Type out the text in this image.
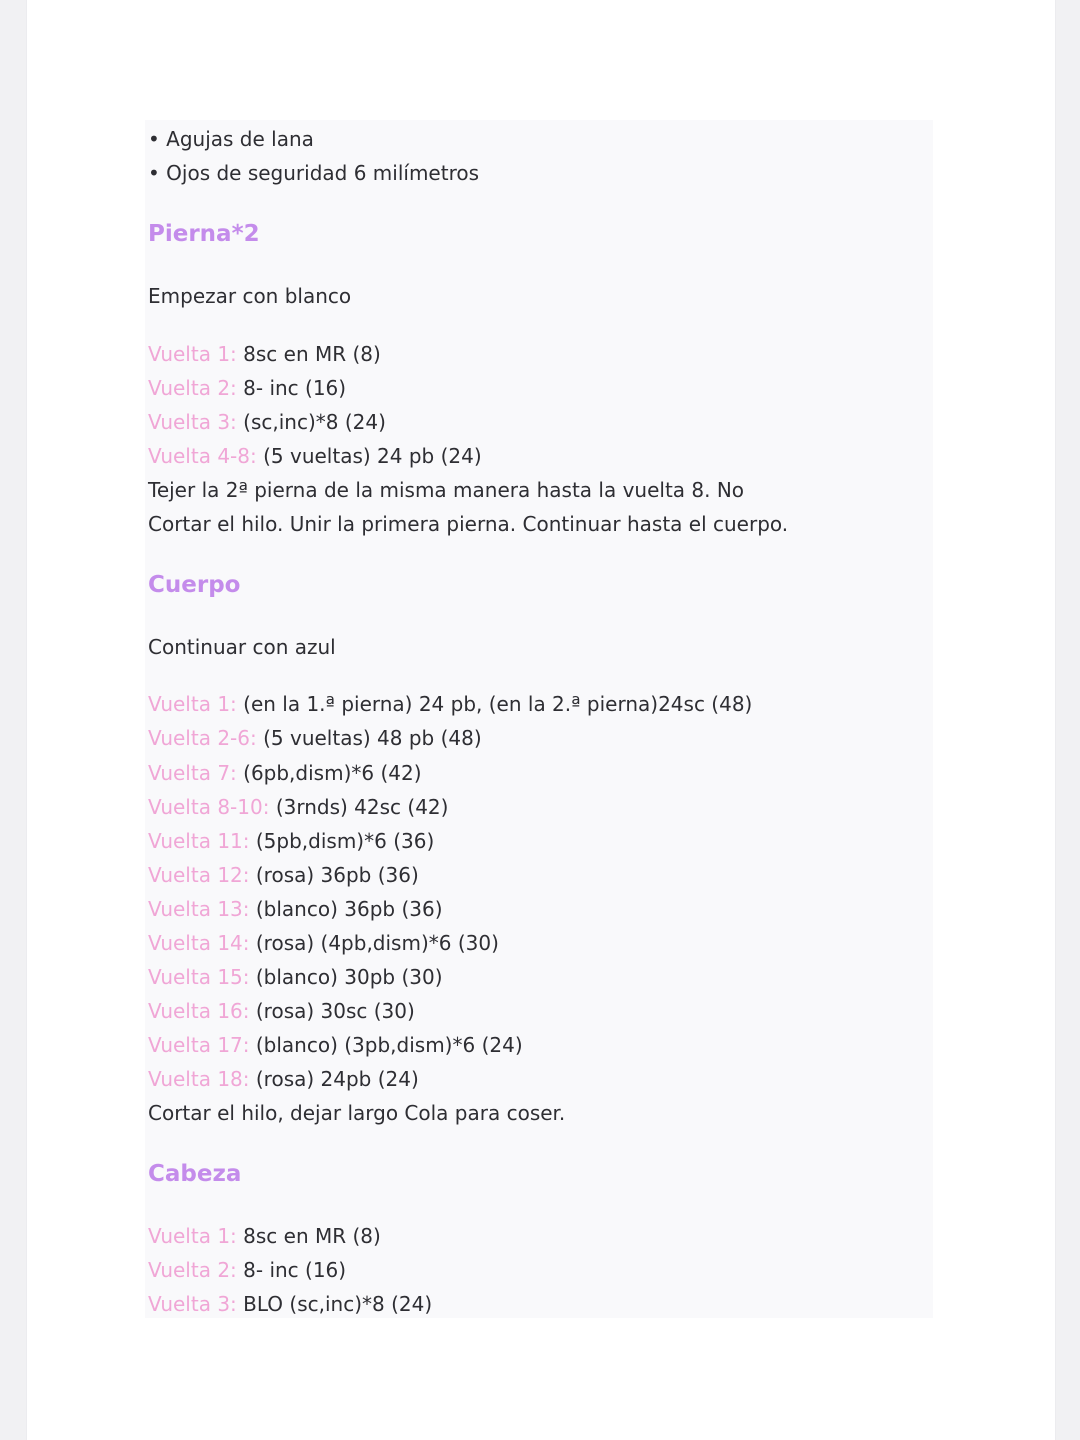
• Agujas de lana
• Ojos de seguridad 6 milímetros
Pierna*2
Empezar con blanco
Vuelta 1: 8sc en MR (8)
Vuelta 2: 8- inc (16)
Vuelta 3: (sc,inc)*8 (24)
Vuelta 4-8: (5 vueltas) 24 pb (24)
Tejer la 2ª pierna de la misma manera hasta la vuelta 8. No
Cortar el hilo. Unir la primera pierna. Continuar hasta el cuerpo.
Cuerpo
Continuar con azul
Vuelta 1: (en la 1.ª pierna) 24 pb, (en la 2.ª pierna)24sc (48)
Vuelta 2-6: (5 vueltas) 48 pb (48)
Vuelta 7: (6pb,dism)*6 (42)
Vuelta 8-10: (3rnds) 42sc (42)
Vuelta 11: (5pb,dism)*6 (36)
Vuelta 12: (rosa) 36pb (36)
Vuelta 13: (blanco) 36pb (36)
Vuelta 14: (rosa) (4pb,dism)*6 (30)
Vuelta 15: (blanco) 30pb (30)
Vuelta 16: (rosa) 30sc (30)
Vuelta 17: (blanco) (3pb,dism)*6 (24)
Vuelta 18: (rosa) 24pb (24)
Cortar el hilo, dejar largo Cola para coser.
Cabeza
Vuelta 1: 8sc en MR (8)
Vuelta 2: 8- inc (16)
Vuelta 3: BLO (sc,inc)*8 (24)
